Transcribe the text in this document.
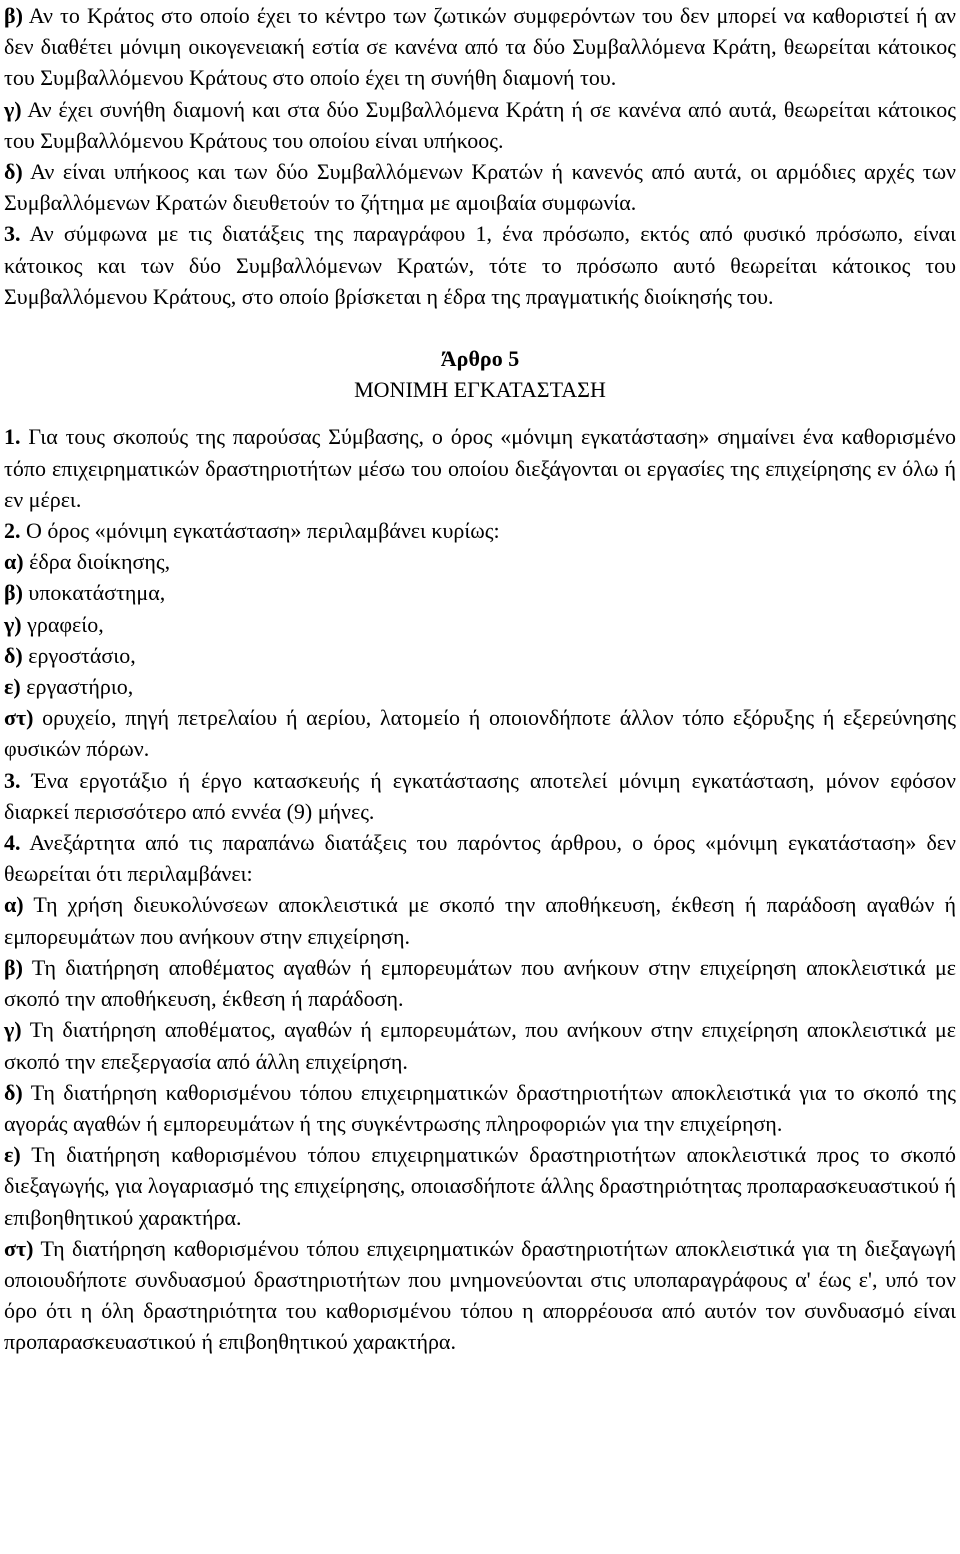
β) Αν το Κράτος στο οποίο έχει το κέντρο των ζωτικών συμφερόντων του δεν μπορεί να καθοριστεί ή αν δεν διαθέτει μόνιμη οικογενειακή εστία σε κανένα από τα δύο Συμβαλλόμενα Κράτη, θεωρείται κάτοικος του Συμβαλλόμενου Κράτους στο οποίο έχει τη συνήθη διαμονή του.

γ) Αν έχει συνήθη διαμονή και στα δύο Συμβαλλόμενα Κράτη ή σε κανένα από αυτά, θεωρείται κάτοικος του Συμβαλλόμενου Κράτους του οποίου είναι υπήκοος.

δ) Αν είναι υπήκοος και των δύο Συμβαλλόμενων Κρατών ή κανενός από αυτά, οι αρμόδιες αρχές των Συμβαλλόμενων Κρατών διευθετούν το ζήτημα με αμοιβαία συμφωνία.

3. Αν σύμφωνα με τις διατάξεις της παραγράφου 1, ένα πρόσωπο, εκτός από φυσικό πρόσωπο, είναι κάτοικος και των δύο Συμβαλλόμενων Κρατών, τότε το πρόσωπο αυτό θεωρείται κάτοικος του Συμβαλλόμενου Κράτους, στο οποίο βρίσκεται η έδρα της πραγματικής διοίκησής του.

Άρθρο 5

ΜΟΝΙΜΗ ΕΓΚΑΤΑΣΤΑΣΗ

1. Για τους σκοπούς της παρούσας Σύμβασης, ο όρος «μόνιμη εγκατάσταση» σημαίνει ένα καθορισμένο τόπο επιχειρηματικών δραστηριοτήτων μέσω του οποίου διεξάγονται οι εργασίες της επιχείρησης εν όλω ή εν μέρει.

2. Ο όρος «μόνιμη εγκατάσταση» περιλαμβάνει κυρίως:

α) έδρα διοίκησης,

β) υποκατάστημα,

γ) γραφείο,

δ) εργοστάσιο,

ε) εργαστήριο,

στ) ορυχείο, πηγή πετρελαίου ή αερίου, λατομείο ή οποιονδήποτε άλλον τόπο εξόρυξης ή εξερεύνησης φυσικών πόρων.

3. Ένα εργοτάξιο ή έργο κατασκευής ή εγκατάστασης αποτελεί μόνιμη εγκατάσταση, μόνον εφόσον διαρκεί περισσότερο από εννέα (9) μήνες.

4. Ανεξάρτητα από τις παραπάνω διατάξεις του παρόντος άρθρου, ο όρος «μόνιμη εγκατάσταση» δεν θεωρείται ότι περιλαμβάνει:

α) Τη χρήση διευκολύνσεων αποκλειστικά με σκοπό την αποθήκευση, έκθεση ή παράδοση αγαθών ή εμπορευμάτων που ανήκουν στην επιχείρηση.

β) Τη διατήρηση αποθέματος αγαθών ή εμπορευμάτων που ανήκουν στην επιχείρηση αποκλειστικά με σκοπό την αποθήκευση, έκθεση ή παράδοση.

γ) Τη διατήρηση αποθέματος, αγαθών ή εμπορευμάτων, που ανήκουν στην επιχείρηση αποκλειστικά με σκοπό την επεξεργασία από άλλη επιχείρηση.

δ) Τη διατήρηση καθορισμένου τόπου επιχειρηματικών δραστηριοτήτων αποκλειστικά για το σκοπό της αγοράς αγαθών ή εμπορευμάτων ή της συγκέντρωσης πληροφοριών για την επιχείρηση.

ε) Τη διατήρηση καθορισμένου τόπου επιχειρηματικών δραστηριοτήτων αποκλειστικά προς το σκοπό διεξαγωγής, για λογαριασμό της επιχείρησης, οποιασδήποτε άλλης δραστηριότητας προπαρασκευαστικού ή επιβοηθητικού χαρακτήρα.

στ) Τη διατήρηση καθορισμένου τόπου επιχειρηματικών δραστηριοτήτων αποκλειστικά για τη διεξαγωγή οποιουδήποτε συνδυασμού δραστηριοτήτων που μνημονεύονται στις υποπαραγράφους α' έως ε', υπό τον όρο ότι η όλη δραστηριότητα του καθορισμένου τόπου η απορρέουσα από αυτόν τον συνδυασμό είναι προπαρασκευαστικού ή επιβοηθητικού χαρακτήρα.
